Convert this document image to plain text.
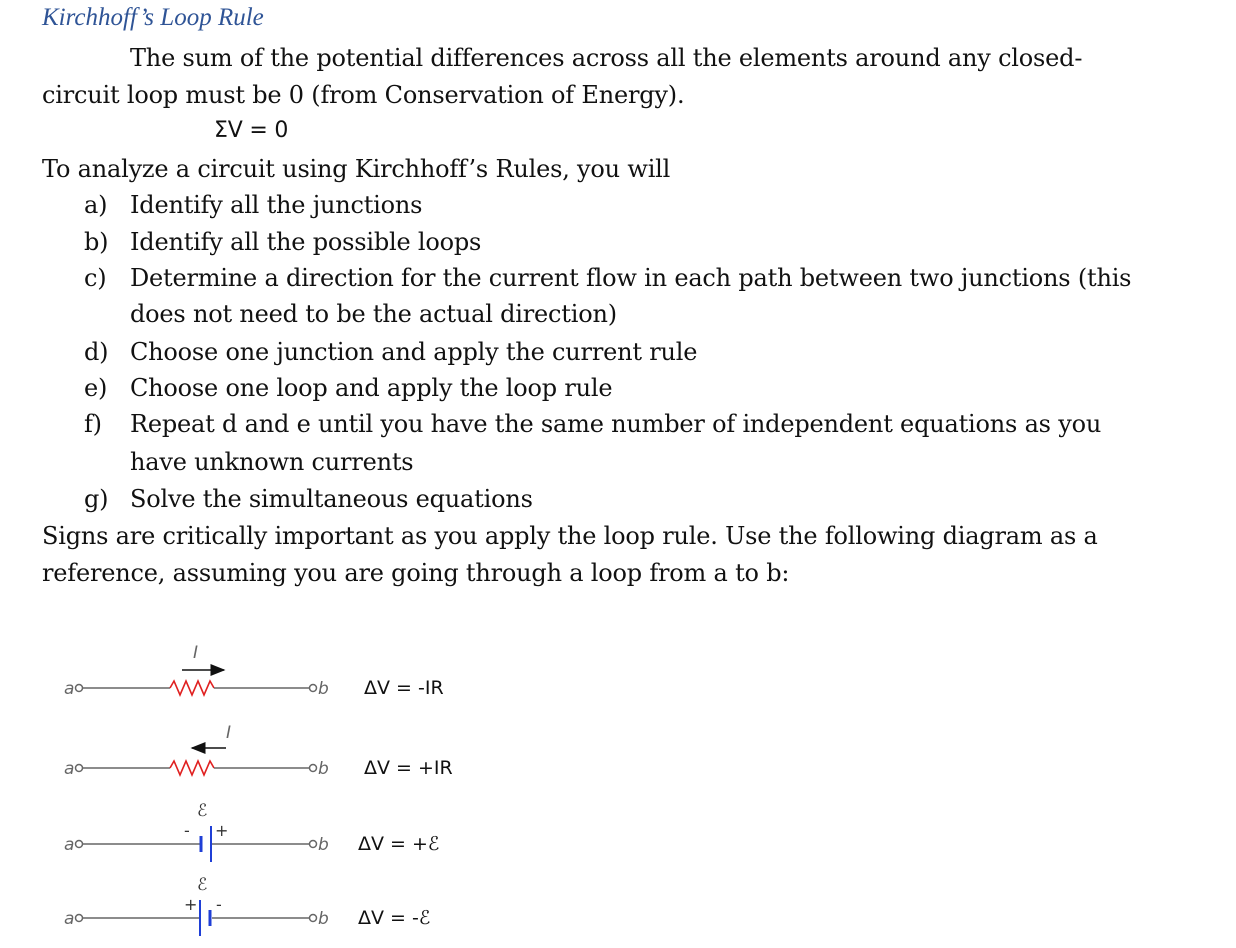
Kirchhoff’s Loop Rule
The sum of the potential differences across all the elements around any closed-
circuit loop must be 0 (from Conservation of Energy).
ΣV = 0
To analyze a circuit using Kirchhoff’s Rules, you will
a) Identify all the junctions
b) Identify all the possible loops
c) Determine a direction for the current flow in each path between two junctions (this
does not need to be the actual direction)
d) Choose one junction and apply the current rule
e) Choose one loop and apply the loop rule
f) Repeat d and e until you have the same number of independent equations as you
have unknown currents
g) Solve the simultaneous equations
Signs are critically important as you apply the loop rule. Use the following diagram as a
reference, assuming you are going through a loop from a to b:
a	b
I
ΔV = -IR
a	b
I
ΔV = +IR
a	b
ℰ
- +
ΔV = +ℰ
a	b
ℰ
+ -
ΔV = -ℰ
